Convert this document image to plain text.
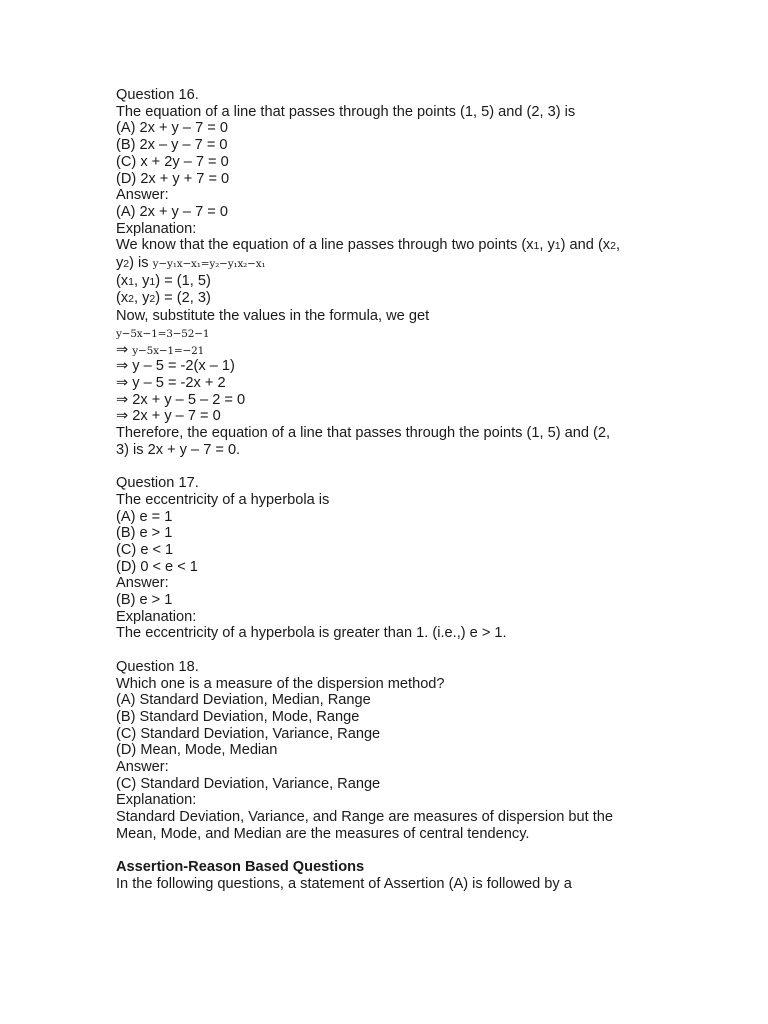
Question 16.
The equation of a line that passes through the points (1, 5) and (2, 3) is
(A) 2x + y – 7 = 0
(B) 2x – y – 7 = 0
(C) x + 2y – 7 = 0
(D) 2x + y + 7 = 0
Answer:
(A) 2x + y – 7 = 0
Explanation:
We know that the equation of a line passes through two points (x1, y1) and (x2,
y2) is y−y₁x−x₁=y₂−y₁x₂−x₁
(x1, y1) = (1, 5)
(x2, y2) = (2, 3)
Now, substitute the values in the formula, we get
y−5x−1=3−52−1
⇒ y−5x−1=−21
⇒ y – 5 = -2(x – 1)
⇒ y – 5 = -2x + 2
⇒ 2x + y – 5 – 2 = 0
⇒ 2x + y – 7 = 0
Therefore, the equation of a line that passes through the points (1, 5) and (2,
3) is 2x + y – 7 = 0.
Question 17.
The eccentricity of a hyperbola is
(A) e = 1
(B) e > 1
(C) e < 1
(D) 0 < e < 1
Answer:
(B) e > 1
Explanation:
The eccentricity of a hyperbola is greater than 1. (i.e.,) e > 1.
Question 18.
Which one is a measure of the dispersion method?
(A) Standard Deviation, Median, Range
(B) Standard Deviation, Mode, Range
(C) Standard Deviation, Variance, Range
(D) Mean, Mode, Median
Answer:
(C) Standard Deviation, Variance, Range
Explanation:
Standard Deviation, Variance, and Range are measures of dispersion but the
Mean, Mode, and Median are the measures of central tendency.
Assertion-Reason Based Questions
In the following questions, a statement of Assertion (A) is followed by a
